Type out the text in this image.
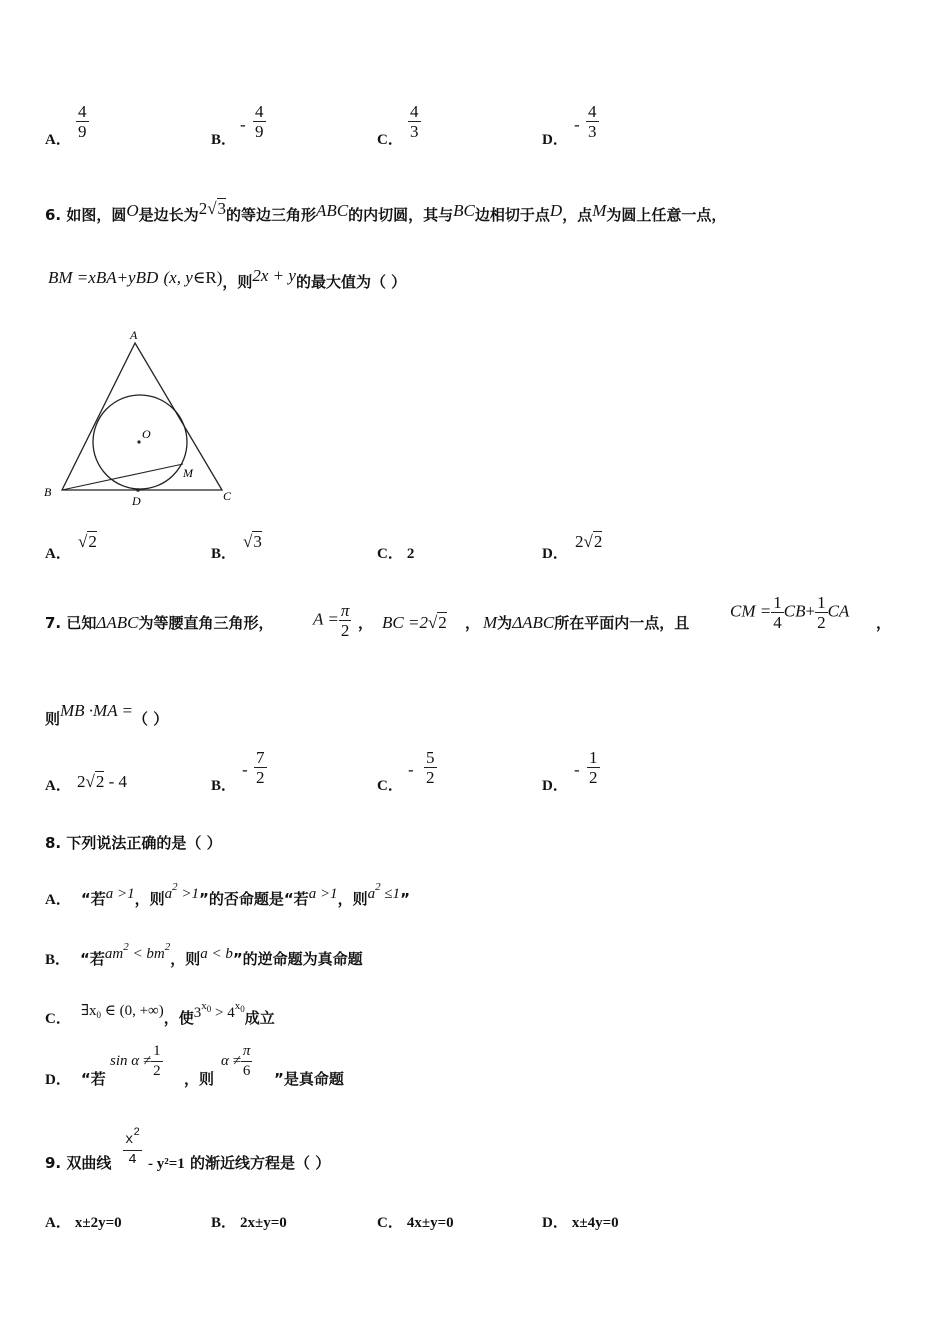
A． $\frac{4}{9}$	B．
- $\frac{4}{9}$	C． $\frac{4}{3}$	D．
- $\frac{4}{3}$
6. 如图，圆O是边长为2√3的等边三角形ABC的内切圆，其与BC边相切于点D，点M为圆上任意一点，
BM =xBA+yBD (x, y∈R)，则2x + y的最大值为（ ）
A
B	C
D
O
M
A．
√2
B．
√3
C． 2	D．
2√2
7. 已知ΔABC为等腰直角三角形， $A = \frac{\pi}{2}$ ， BC =2√2 ， M为ΔABC所在平面内一点，且
CM = $\frac{1}{4} CB+ \frac{1}{2}$ CA
，
则MB ·MA =（ ）
A． 2√2 - 4	B．
- $\frac{7}{2}$	C．
- $\frac{5}{2}$	D．
- $\frac{1}{2}$
8. 下列说法正确的是（ ）
A． “若a >1，则$a^2 >1$”的否命题是“若a >1，则$a^2 \le 1$”
B． “若$am^2 < bm^2$，则a < b”的逆命题为真命题
C． $\exists x_0$ ∈ (0, +∞)，使$3^{x_0} > 4^{x_0}$成立
D． “若
$\sin \alpha \ne \frac{1}{2}$ ，则
$\alpha \ne \frac{\pi}{6}$ ”是真命题
9. 双曲线 $\frac{x^2}{4} - y^2=1$ 的渐近线方程是（ ）
A． x±2y=0	B． 2x±y=0	C． 4x±y=0	D． x±4y=0
